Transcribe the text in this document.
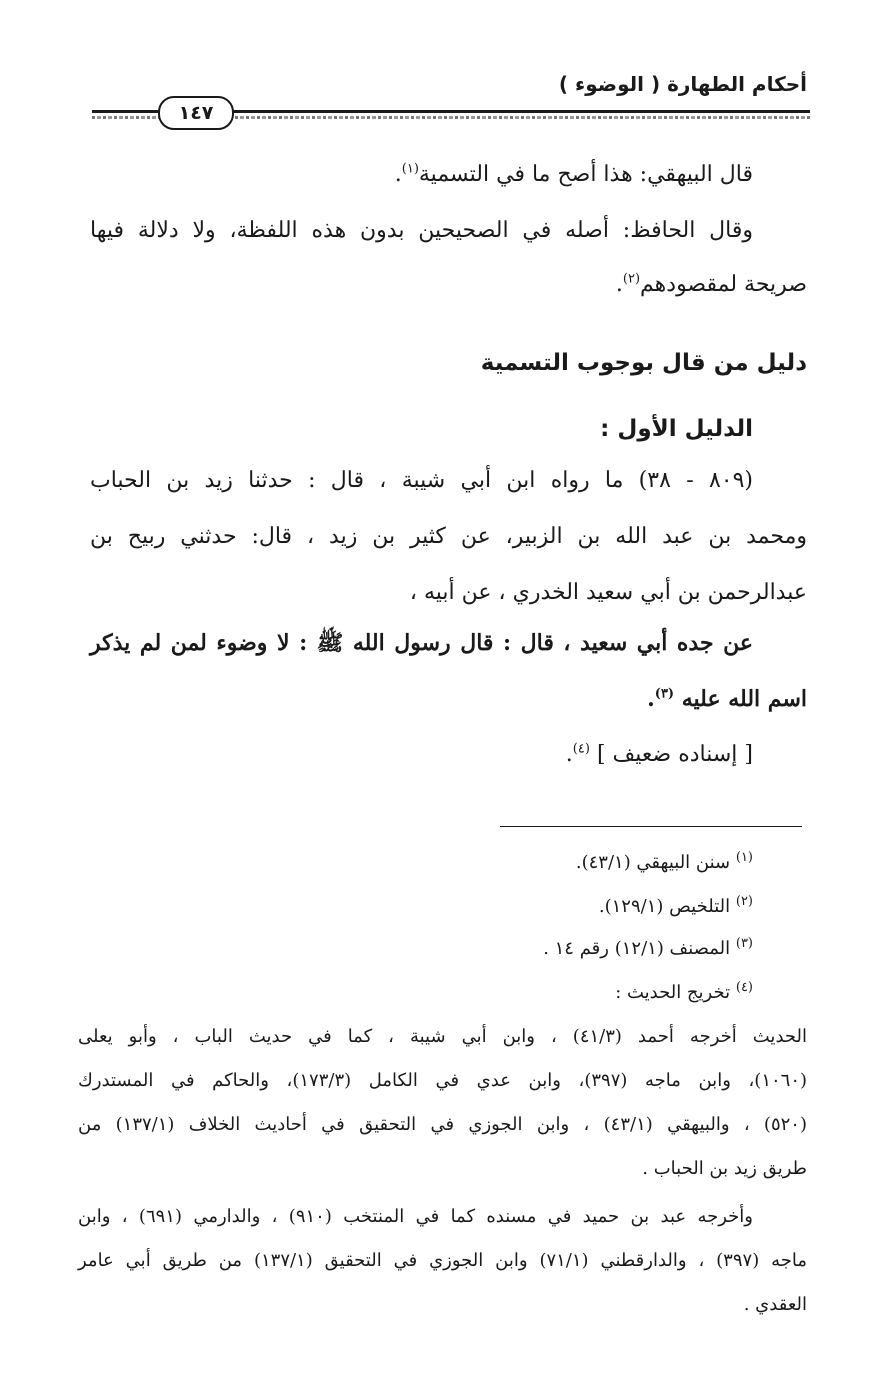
أحكام الطهارة ( الوضوء )
١٤٧
قال البيهقي: هذا أصح ما في التسمية$^{(١)}$.
وقال الحافظ: أصله في الصحيحين بدون هذه اللفظة، ولا دلالة فيها
صريحة لمقصودهم$^{(٢)}$.
دليل من قال بوجوب التسمية
الدليل الأول :
(٨٠٩ - ٣٨) ما رواه ابن أبي شيبة ، قال : حدثنا زيد بن الحباب
ومحمد بن عبد الله بن الزبير، عن كثير بن زيد ، قال: حدثني ربيح بن
عبدالرحمن بن أبي سعيد الخدري ، عن أبيه ،
عن جده أبي سعيد ، قال : قال رسول الله ﷺ : لا وضوء لمن لم يذكر
اسم الله عليه $^{(٣)}$.
[ إسناده ضعيف ] $^{(٤)}$.
$^{(١)}$ سنن البيهقي (٤٣/١).
$^{(٢)}$ التلخيص (١٢٩/١).
$^{(٣)}$ المصنف (١٢/١) رقم ١٤ .
$^{(٤)}$ تخريج الحديث :
الحديث أخرجه أحمد (٤١/٣) ، وابن أبي شيبة ، كما في حديث الباب ، وأبو يعلى
(١٠٦٠)، وابن ماجه (٣٩٧)، وابن عدي في الكامل (١٧٣/٣)، والحاكم في المستدرك
(٥٢٠) ، والبيهقي (٤٣/١) ، وابن الجوزي في التحقيق في أحاديث الخلاف (١٣٧/١) من
طريق زيد بن الحباب .
وأخرجه عبد بن حميد في مسنده كما في المنتخب (٩١٠) ، والدارمي (٦٩١) ، وابن
ماجه (٣٩٧) ، والدارقطني (٧١/١) وابن الجوزي في التحقيق (١٣٧/١) من طريق أبي عامر
العقدي .
